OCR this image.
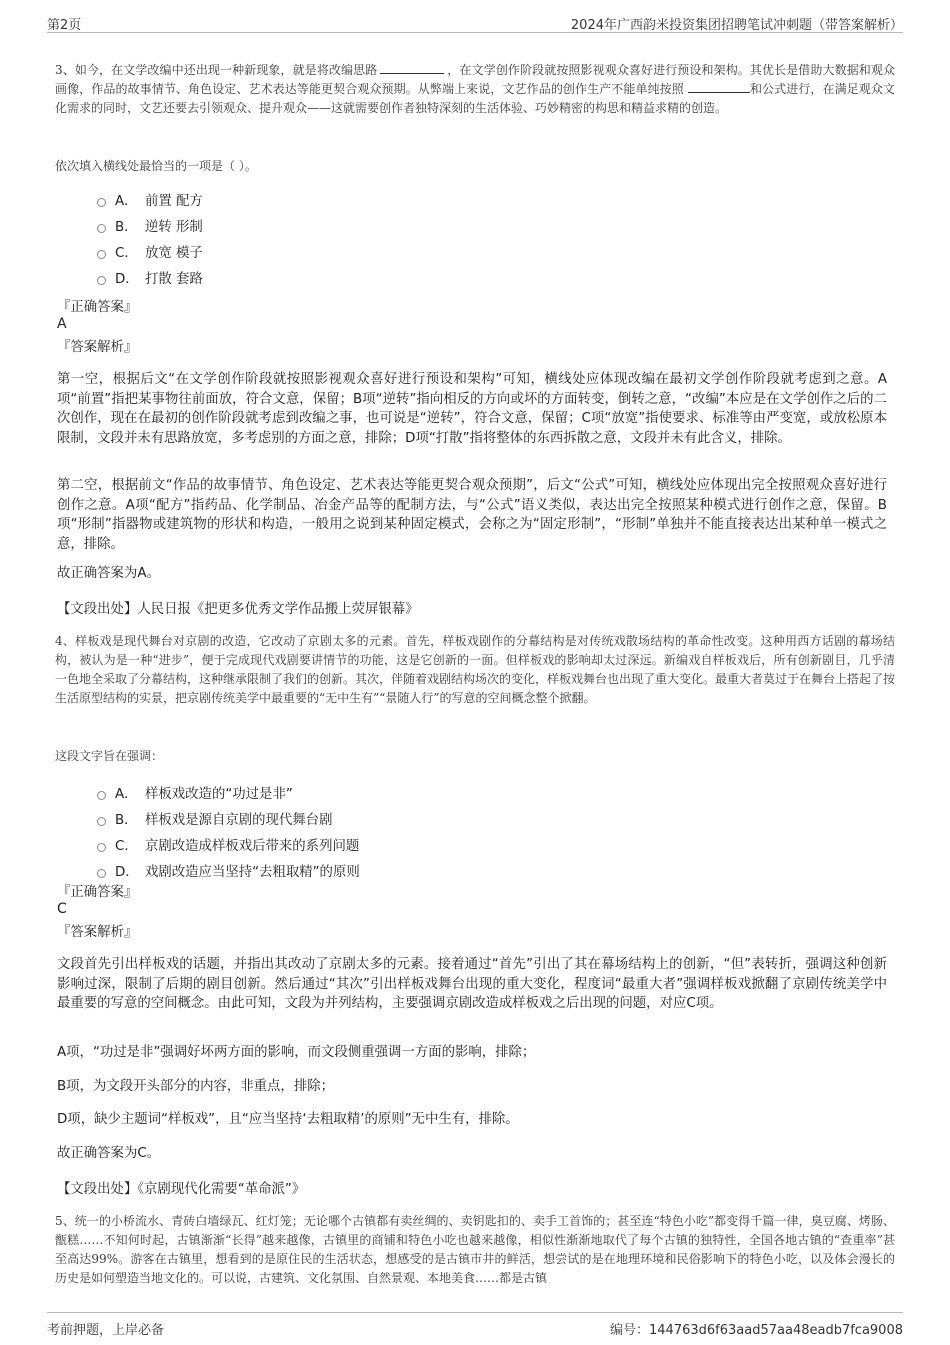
第2页	2024年广西韵米投资集团招聘笔试冲刺题（带答案解析）
3、如今，在文学改编中还出现一种新现象，就是将改编思路	，在文学创作阶段就按照影视观众喜好进行预设和架构。其优长是借助大数据和观众画像，作品的故事情节、角色设定、艺术表达等能更契合观众预期。从弊端上来说，文艺作品的创作生产不能单纯按照	和公式进行，在满足观众文化需求的同时，文艺还要去引领观众、提升观众——这就需要创作者独特深刻的生活体验、巧妙精密的构思和精益求精的创造。
依次填入横线处最恰当的一项是（ ）。
A． 前置 配方
B． 逆转 形制
C． 放宽 模子
D． 打散 套路
『正确答案』
A
『答案解析』
第一空，根据后文“在文学创作阶段就按照影视观众喜好进行预设和架构”可知，横线处应体现改编在最初文学创作阶段就考虑到之意。A项“前置”指把某事物往前面放，符合文意，保留；B项“逆转”指向相反的方向或坏的方面转变，倒转之意，“改编”本应是在文学创作之后的二次创作，现在在最初的创作阶段就考虑到改编之事，也可说是“逆转”，符合文意，保留；C项“放宽”指使要求、标准等由严变宽，或放松原本限制，文段并未有思路放宽，多考虑别的方面之意，排除；D项“打散”指将整体的东西拆散之意，文段并未有此含义，排除。
第二空，根据前文“作品的故事情节、角色设定、艺术表达等能更契合观众预期”，后文“公式”可知，横线处应体现出完全按照观众喜好进行创作之意。A项“配方”指药品、化学制品、冶金产品等的配制方法，与“公式”语义类似，表达出完全按照某种模式进行创作之意，保留。B项“形制”指器物或建筑物的形状和构造，一般用之说到某种固定模式，会称之为“固定形制”，“形制”单独并不能直接表达出某种单一模式之意，排除。
故正确答案为A。
【文段出处】人民日报《把更多优秀文学作品搬上荧屏银幕》
4、样板戏是现代舞台对京剧的改造，它改动了京剧太多的元素。首先，样板戏剧作的分幕结构是对传统戏散场结构的革命性改变。这种用西方话剧的幕场结构，被认为是一种“进步”，便于完成现代戏剧要讲情节的功能，这是它创新的一面。但样板戏的影响却太过深远。新编戏自样板戏后，所有创新剧目，几乎清一色地全采取了分幕结构，这种继承限制了我们的创新。其次，伴随着戏剧结构场次的变化，样板戏舞台也出现了重大变化。最重大者莫过于在舞台上搭起了按生活原型结构的实景，把京剧传统美学中最重要的“无中生有”“景随人行”的写意的空间概念整个掀翻。
这段文字旨在强调：
A． 样板戏改造的“功过是非”
B． 样板戏是源自京剧的现代舞台剧
C． 京剧改造成样板戏后带来的系列问题
D． 戏剧改造应当坚持“去粗取精”的原则
『正确答案』
C
『答案解析』
文段首先引出样板戏的话题，并指出其改动了京剧太多的元素。接着通过“首先”引出了其在幕场结构上的创新，“但”表转折，强调这种创新影响过深，限制了后期的剧目创新。然后通过“其次”引出样板戏舞台出现的重大变化，程度词“最重大者”强调样板戏掀翻了京剧传统美学中最重要的写意的空间概念。由此可知，文段为并列结构，主要强调京剧改造成样板戏之后出现的问题，对应C项。
A项，“功过是非”强调好坏两方面的影响，而文段侧重强调一方面的影响，排除；
B项，为文段开头部分的内容，非重点，排除；
D项，缺少主题词“样板戏”，且“应当坚持‘去粗取精’的原则”无中生有，排除。
故正确答案为C。
【文段出处】《京剧现代化需要“革命派”》
5、统一的小桥流水、青砖白墙绿瓦、红灯笼；无论哪个古镇都有卖丝绸的、卖钥匙扣的、卖手工首饰的；甚至连“特色小吃”都变得千篇一律，臭豆腐、烤肠、甑糕……不知何时起，古镇渐渐“长得”越来越像，古镇里的商铺和特色小吃也越来越像，相似性渐渐地取代了每个古镇的独特性，全国各地古镇的“查重率”甚至高达99%。游客在古镇里，想看到的是原住民的生活状态，想感受的是古镇市井的鲜活，想尝试的是在地理环境和民俗影响下的特色小吃，以及体会漫长的历史是如何塑造当地文化的。可以说，古建筑、文化氛围、自然景观、本地美食……都是古镇
考前押题，上岸必备	编号：144763d6f63aad57aa48eadb7fca9008
